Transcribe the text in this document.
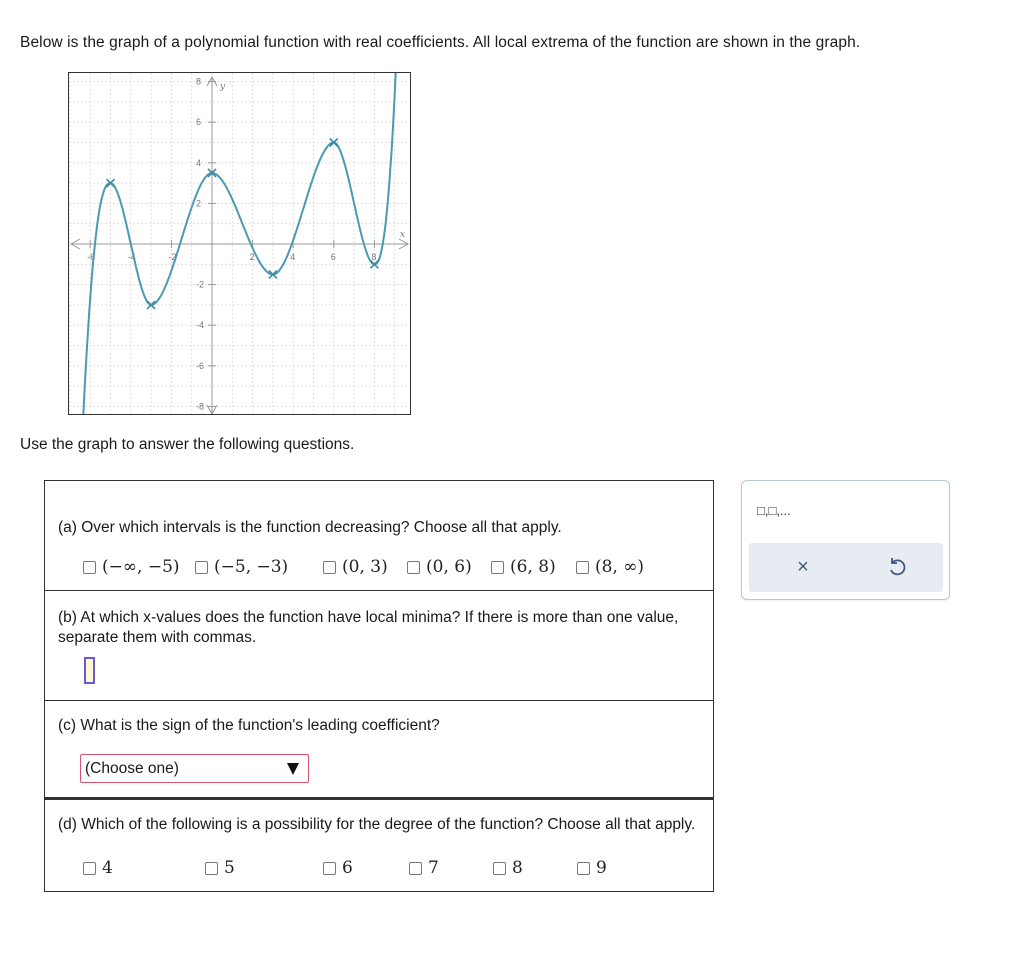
Below is the graph of a polynomial function with real coefficients. All local extrema of the function are shown in the graph.
-6	-4	-2	2	4	6	8
8
6
4
2
-2
-4
-6
-8
x
y
Use the graph to answer the following questions.
(a) Over which intervals is the function decreasing? Choose all that apply.
(−∞, −5) (−5, −3)	(0, 3) (0, 6) (6, 8) (8, ∞)
(b) At which x-values does the function have local minima? If there is more than one value, separate them with commas.
(c) What is the sign of the function's leading coefficient?
(Choose one)
(d) Which of the following is a possibility for the degree of the function? Choose all that apply.
4	5	6	7	8	9
□,□,...
×
